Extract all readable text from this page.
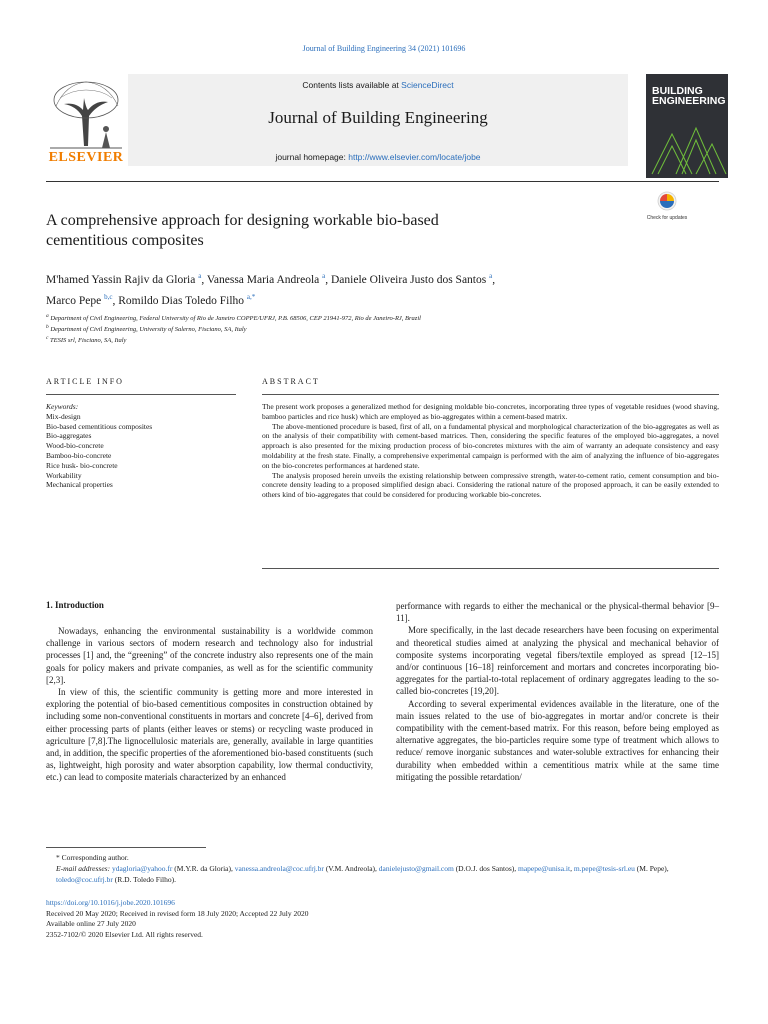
Journal of Building Engineering 34 (2021) 101696
Contents lists available at ScienceDirect
Journal of Building Engineering
journal homepage: http://www.elsevier.com/locate/jobe
ELSEVIER
BUILDING
ENGINEERING
Check for updates
A comprehensive approach for designing workable bio-based
cementitious composites
M'hamed Yassin Rajiv da Gloria $^a$, Vanessa Maria Andreola $^a$, Daniele Oliveira Justo dos Santos $^a$,
Marco Pepe $^{b,c}$, Romildo Dias Toledo Filho $^{a,*}$
$^a$ Department of Civil Engineering, Federal University of Rio de Janeiro COPPE/UFRJ, P.B. 68506, CEP 21941-972, Rio de Janeiro-RJ, Brazil
$^b$ Department of Civil Engineering, University of Salerno, Fisciano, SA, Italy
$^c$ TESIS srl, Fisciano, SA, Italy
ARTICLE INFO	ABSTRACT
Keywords:
Mix-design
Bio-based cementitious composites
Bio-aggregates
Wood-bio-concrete
Bamboo-bio-concrete
Rice husk- bio-concrete
Workability
Mechanical properties

The present work proposes a generalized method for designing moldable bio-concretes, incorporating three types of vegetable residues (wood shaving, bamboo particles and rice husk) which are employed as bio-aggregates within a cement-based matrix.

The above-mentioned procedure is based, first of all, on a fundamental physical and morphological characterization of the bio-aggregates as well as on the analysis of their compatibility with cement-based matrices. Then, considering the specific features of the employed bio-aggregates, a novel approach is also presented for the mixing production process of bio-concretes mixtures with the aim of warranty an adequate consistency and easy moldability at the fresh state. Finally, a comprehensive experimental campaign is performed with the aim of analyzing the influence of bio-aggregates on the bio-concretes performances at hardened state.

The analysis proposed herein unveils the existing relationship between compressive strength, water-to-cement ratio, cement consumption and bio-concrete density leading to a proposed simplified design abaci. Considering the rational nature of the proposed approach, it can be easily extended to others kind of bio-aggregates that could be considered for producing workable bio-concretes.

1. Introduction

Nowadays, enhancing the environmental sustainability is a worldwide common challenge in various sectors of modern research and technology also for industrial processes [1] and, the “greening” of the concrete industry also represents one of the main goals for policy makers and private companies, as well as for the scientific community [2,3].

In view of this, the scientific community is getting more and more interested in exploring the potential of bio-based cementitious composites in construction obtained by including some non-conventional constituents in mortars and concrete [4–6], derived from either processing parts of plants (either leaves or stems) or recycling waste produced in agriculture [7,8].The lignocellulosic materials are, generally, available in large quantities and, in addition, the specific properties of the aforementioned bio-based constituents (such as, lightweight, high porosity and water absorption capability, low thermal conductivity, etc.) can lead to composite materials characterized by an enhanced

performance with regards to either the mechanical or the physical-thermal behavior [9–11].

More specifically, in the last decade researchers have been focusing on experimental and theoretical studies aimed at analyzing the physical and mechanical behavior of composite systems incorporating vegetal fibers/textile employed as spread [12–15] and/or continuous [16–18] reinforcement and mortars and concretes incorporating bio-aggregates for the partial-to-total replacement of ordinary aggregates leading to the so-called bio-concretes [19,20].

According to several experimental evidences available in the literature, one of the main issues related to the use of bio-aggregates in mortar and/or concrete is their compatibility with the cement-based matrix. For this reason, before being employed as alternative aggregates, the bio-particles require some type of treatment which allows to reduce/ remove inorganic substances and water-soluble extractives for enhancing their durability when embedded within a cementitious matrix while at the same time mitigating the possible retardation/

* Corresponding author.
E-mail addresses: ydagloria@yahoo.fr (M.Y.R. da Gloria), vanessa.andreola@coc.ufrj.br (V.M. Andreola), danielejusto@gmail.com (D.O.J. dos Santos), mapepe@unisa.it, m.pepe@tesis-srl.eu (M. Pepe), toledo@coc.ufrj.br (R.D. Toledo Filho).
https://doi.org/10.1016/j.jobe.2020.101696
Received 20 May 2020; Received in revised form 18 July 2020; Accepted 22 July 2020
Available online 27 July 2020
2352-7102/© 2020 Elsevier Ltd. All rights reserved.
